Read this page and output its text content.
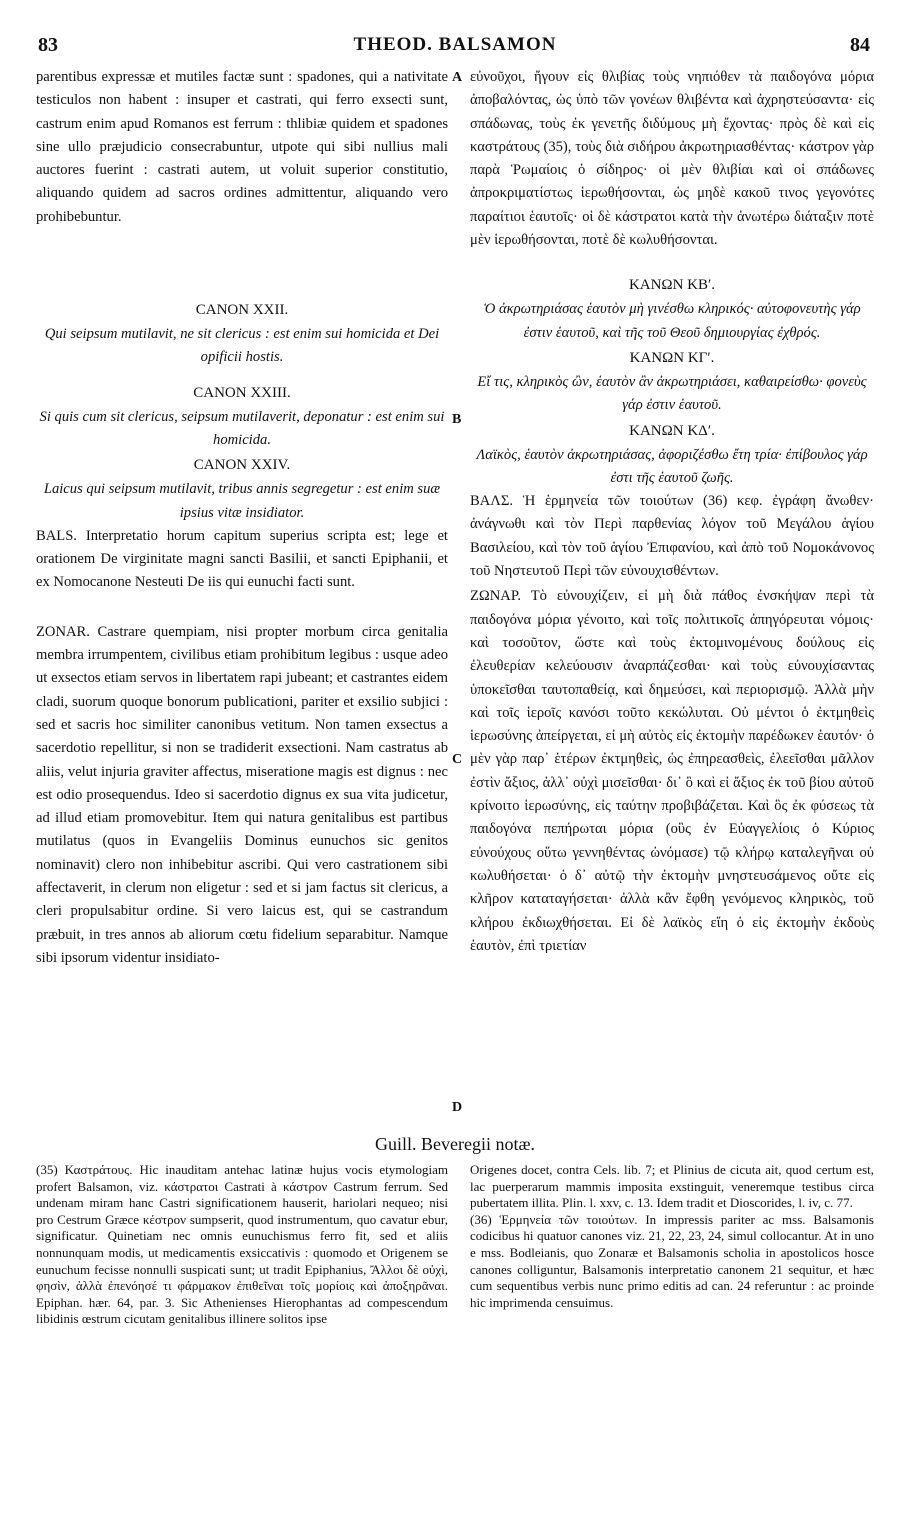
83	THEOD. BALSAMON	84

parentibus expressæ et mutiles factæ sunt : spadones, qui a nativitate testiculos non habent : insuper et castrati, qui ferro exsecti sunt, castrum enim apud Romanos est ferrum : thlibiæ quidem et spadones sine ullo præjudicio consecrabuntur, utpote qui sibi nullius mali auctores fuerint : castrati autem, ut voluit superior constitutio, aliquando quidem ad sacros ordines admittentur, aliquando vero prohibebuntur.

CANON XXII.

Qui seipsum mutilavit, ne sit clericus : est enim sui homicida et Dei opificii hostis.

CANON XXIII.

Si quis cum sit clericus, seipsum mutilaverit, deponatur : est enim sui homicida.

CANON XXIV.

Laicus qui seipsum mutilavit, tribus annis segregetur : est enim suæ ipsius vitæ insidiator.

BALS. Interpretatio horum capitum superius scripta est; lege et orationem De virginitate magni sancti Basilii, et sancti Epiphanii, et ex Nomocanone Nesteuti De iis qui eunuchi facti sunt.

ZONAR. Castrare quempiam, nisi propter morbum circa genitalia membra irrumpentem, civilibus etiam prohibitum legibus : usque adeo ut exsectos etiam servos in libertatem rapi jubeant; et castrantes eidem cladi, suorum quoque bonorum publicationi, pariter et exsilio subjici : sed et sacris hoc similiter canonibus vetitum. Non tamen exsectus a sacerdotio repellitur, si non se tradiderit exsectioni. Nam castratus ab aliis, velut injuria graviter affectus, miseratione magis est dignus : nec est odio prosequendus. Ideo si sacerdotio dignus ex sua vita judicetur, ad illud etiam promovebitur. Item qui natura genitalibus est partibus mutilatus (quos in Evangeliis Dominus eunuchos sic genitos nominavit) clero non inhibebitur ascribi. Qui vero castrationem sibi affectaverit, in clerum non eligetur : sed et si jam factus sit clericus, a cleri propulsabitur ordine. Si vero laicus est, qui se castrandum præbuit, in tres annos ab aliorum cœtu fidelium separabitur. Namque sibi ipsorum videntur insidiato-

εὐνοῦχοι, ἤγουν εἰς θλιβίας τοὺς νηπιόθεν τὰ παιδογόνα μόρια ἀποβαλόντας, ὡς ὑπὸ τῶν γονέων θλιβέντα καὶ ἀχρηστεύσαντα· εἰς σπάδωνας, τοὺς ἐκ γενετῆς διδύμους μὴ ἔχοντας· πρὸς δὲ καὶ εἰς καστράτους (35), τοὺς διὰ σιδήρου ἀκρωτηριασθέντας· κάστρον γὰρ παρὰ Ῥωμαίοις ὁ σίδηρος· οἱ μὲν θλιβίαι καὶ οἱ σπάδωνες ἀπροκριματίστως ἱερωθήσονται, ὡς μηδὲ κακοῦ τινος γεγονότες παραίτιοι ἑαυτοῖς· οἱ δὲ κάστρατοι κατὰ τὴν ἀνωτέρω διάταξιν ποτὲ μὲν ἱερωθήσονται, ποτὲ δὲ κωλυθήσονται.

ΚΑΝΩΝ ΚΒʹ.

Ὁ ἀκρωτηριάσας ἑαυτὸν μὴ γινέσθω κληρικός· αὐτοφονευτὴς γάρ ἐστιν ἑαυτοῦ, καὶ τῆς τοῦ Θεοῦ δημιουργίας ἐχθρός.

ΚΑΝΩΝ ΚΓʹ.

Εἴ τις, κληρικὸς ὢν, ἑαυτὸν ἂν ἀκρωτηριάσει, καθαιρείσθω· φονεὺς γάρ ἐστιν ἑαυτοῦ.

ΚΑΝΩΝ ΚΔʹ.

Λαϊκὸς, ἑαυτὸν ἀκρωτηριάσας, ἀφοριζέσθω ἔτη τρία· ἐπίβουλος γάρ ἐστι τῆς ἑαυτοῦ ζωῆς.

ΒΑΛΣ. Ἡ ἑρμηνεία τῶν τοιούτων (36) κεφ. ἐγράφη ἄνωθεν· ἀνάγνωθι καὶ τὸν Περὶ παρθενίας λόγον τοῦ Μεγάλου ἁγίου Βασιλείου, καὶ τὸν τοῦ ἁγίου Ἐπιφανίου, καὶ ἀπὸ τοῦ Νομοκάνονος τοῦ Νηστευτοῦ Περὶ τῶν εὐνουχισθέντων.

ΖΩΝΑΡ. Τὸ εὐνουχίζειν, εἰ μὴ διὰ πάθος ἐνσκήψαν περὶ τὰ παιδογόνα μόρια γένοιτο, καὶ τοῖς πολιτικοῖς ἀπηγόρευται νόμοις· καὶ τοσοῦτον, ὥστε καὶ τοὺς ἐκτομινομένους δούλους εἰς ἐλευθερίαν κελεύουσιν ἀναρπάζεσθαι· καὶ τοὺς εὐνουχίσαντας ὑποκεῖσθαι ταυτοπαθείᾳ, καὶ δημεύσει, καὶ περιορισμῷ. Ἀλλὰ μὴν καὶ τοῖς ἱεροῖς κανόσι τοῦτο κεκώλυται. Οὐ μέντοι ὁ ἐκτμηθεὶς ἱερωσύνης ἀπείργεται, εἰ μὴ αὐτὸς εἰς ἐκτομὴν παρέδωκεν ἑαυτόν· ὁ μὲν γὰρ παρ᾽ ἑτέρων ἐκτμηθεὶς, ὡς ἐπηρεασθεὶς, ἐλεεῖσθαι μᾶλλον ἐστὶν ἄξιος, ἀλλ᾽ οὐχὶ μισεῖσθαι· δι᾽ ὃ καὶ εἰ ἄξιος ἐκ τοῦ βίου αὐτοῦ κρίνοιτο ἱερωσύνης, εἰς ταύτην προβιβάζεται. Καὶ ὃς ἐκ φύσεως τὰ παιδογόνα πεπήρωται μόρια (οὓς ἐν Εὐαγγελίοις ὁ Κύριος εὐνούχους οὕτω γεννηθέντας ὠνόμασε) τῷ κλήρῳ καταλεγῆναι οὐ κωλυθήσεται· ὁ δ᾽ αὐτῷ τὴν ἐκτομὴν μνηστευσάμενος οὔτε εἰς κλῆρον καταταγήσεται· ἀλλὰ κἂν ἔφθη γενόμενος κληρικὸς, τοῦ κλήρου ἐκδιωχθήσεται. Εἰ δὲ λαϊκὸς εἴη ὁ εἰς ἐκτομὴν ἐκδοὺς ἑαυτὸν, ἐπὶ τριετίαν

A
B
C
D
Guill. Beveregii notæ.

(35) Καστράτους. Hic inauditam antehac latinæ hujus vocis etymologiam profert Balsamon, viz. κάστρατοι Castrati à κάστρον Castrum ferrum. Sed undenam miram hanc Castri significationem hauserit, hariolari nequeo; nisi pro Cestrum Græce κέστρον sumpserit, quod instrumentum, quo cavatur ebur, significatur. Quinetiam nec omnis eunuchismus ferro fit, sed et aliis nonnunquam modis, ut medicamentis exsiccativis : quomodo et Origenem se eunuchum fecisse nonnulli suspicati sunt; ut tradit Epiphanius, Ἄλλοι δὲ οὐχὶ, φησὶν, ἀλλὰ ἐπενόησέ τι φάρμακον ἐπιθεῖναι τοῖς μορίοις καὶ ἀποξηρᾶναι. Epiphan. hær. 64, par. 3. Sic Athenienses Hierophantas ad compescendum libidinis œstrum cicutam genitalibus illinere solitos ipse

Origenes docet, contra Cels. lib. 7; et Plinius de cicuta ait, quod certum est, lac puerperarum mammis imposita exstinguit, veneremque testibus circa pubertatem illita. Plin. l. xxv, c. 13. Idem tradit et Dioscorides, l. iv, c. 77.

(36) Ἑρμηνεία τῶν τοιούτων. In impressis pariter ac mss. Balsamonis codicibus hi quatuor canones viz. 21, 22, 23, 24, simul collocantur. At in uno e mss. Bodleianis, quo Zonaræ et Balsamonis scholia in apostolicos hosce canones colliguntur, Balsamonis interpretatio canonem 21 sequitur, et hæc cum sequentibus verbis nunc primo editis ad can. 24 referuntur : ac proinde hic imprimenda censuimus.
